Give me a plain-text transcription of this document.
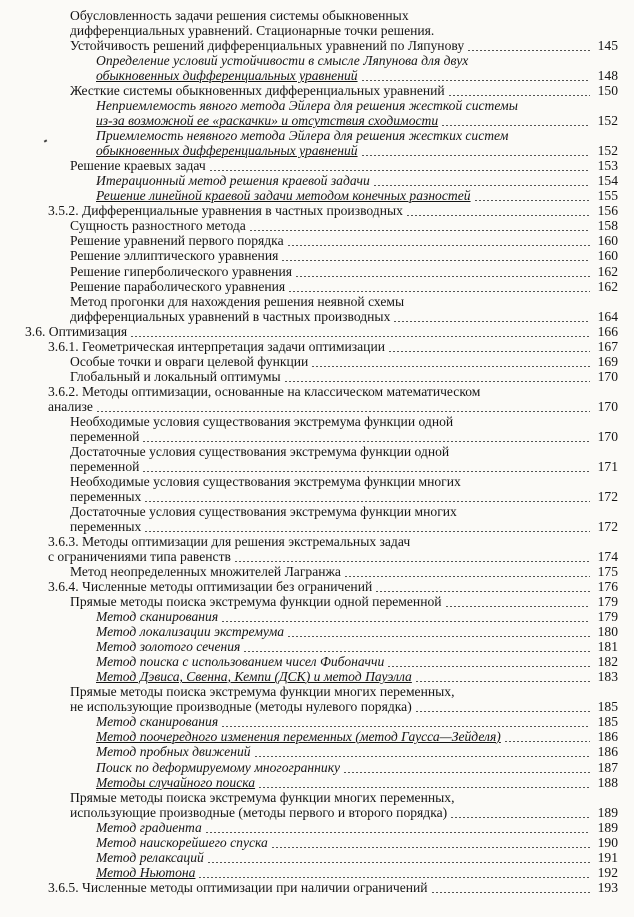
Обусловленность задачи решения системы обыкновенных
дифференциальных уравнений. Стационарные точки решения.
Устойчивость решений дифференциальных уравнений по Ляпунову	145
Определение условий устойчивости в смысле Ляпунова для двух
обыкновенных дифференциальных уравнений	148
Жесткие системы обыкновенных дифференциальных уравнений	150
Неприемлемость явного метода Эйлера для решения жесткой системы
из-за возможной ее «раскачки» и отсутствия сходимости	152
Приемлемость неявного метода Эйлера для решения жестких систем
обыкновенных дифференциальных уравнений	152
Решение краевых задач	153
Итерационный метод решения краевой задачи	154
Решение линейной краевой задачи методом конечных разностей	155
3.5.2. Дифференциальные уравнения в частных производных	156
Сущность разностного метода	158
Решение уравнений первого порядка	160
Решение эллиптического уравнения	160
Решение гиперболического уравнения	162
Решение параболического уравнения	162
Метод прогонки для нахождения решения неявной схемы
дифференциальных уравнений в частных производных	164
3.6. Оптимизация	166
3.6.1. Геометрическая интерпретация задачи оптимизации	167
Особые точки и овраги целевой функции	169
Глобальный и локальный оптимумы	170
3.6.2. Методы оптимизации, основанные на классическом математическом
анализе	170
Необходимые условия существования экстремума функции одной
переменной	170
Достаточные условия существования экстремума функции одной
переменной	171
Необходимые условия существования экстремума функции многих
переменных	172
Достаточные условия существования экстремума функции многих
переменных	172
3.6.3. Методы оптимизации для решения экстремальных задач
с ограничениями типа равенств	174
Метод неопределенных множителей Лагранжа	175
3.6.4. Численные методы оптимизации без ограничений	176
Прямые методы поиска экстремума функции одной переменной	179
Метод сканирования	179
Метод локализации экстремума	180
Метод золотого сечения	181
Метод поиска с использованием чисел Фибоначчи	182
Метод Дэвиса, Свенна, Кемпи (ДСК) и метод Пауэлла	183
Прямые методы поиска экстремума функции многих переменных,
не использующие производные (методы нулевого порядка)	185
Метод сканирования	185
Метод поочередного изменения переменных (метод Гаусса—Зейделя)	186
Метод пробных движений	186
Поиск по деформируемому многограннику	187
Методы случайного поиска	188
Прямые методы поиска экстремума функции многих переменных,
использующие производные (методы первого и второго порядка)	189
Метод градиента	189
Метод наискорейшего спуска	190
Метод релаксаций	191
Метод Ньютона	192
3.6.5. Численные методы оптимизации при наличии ограничений	193
